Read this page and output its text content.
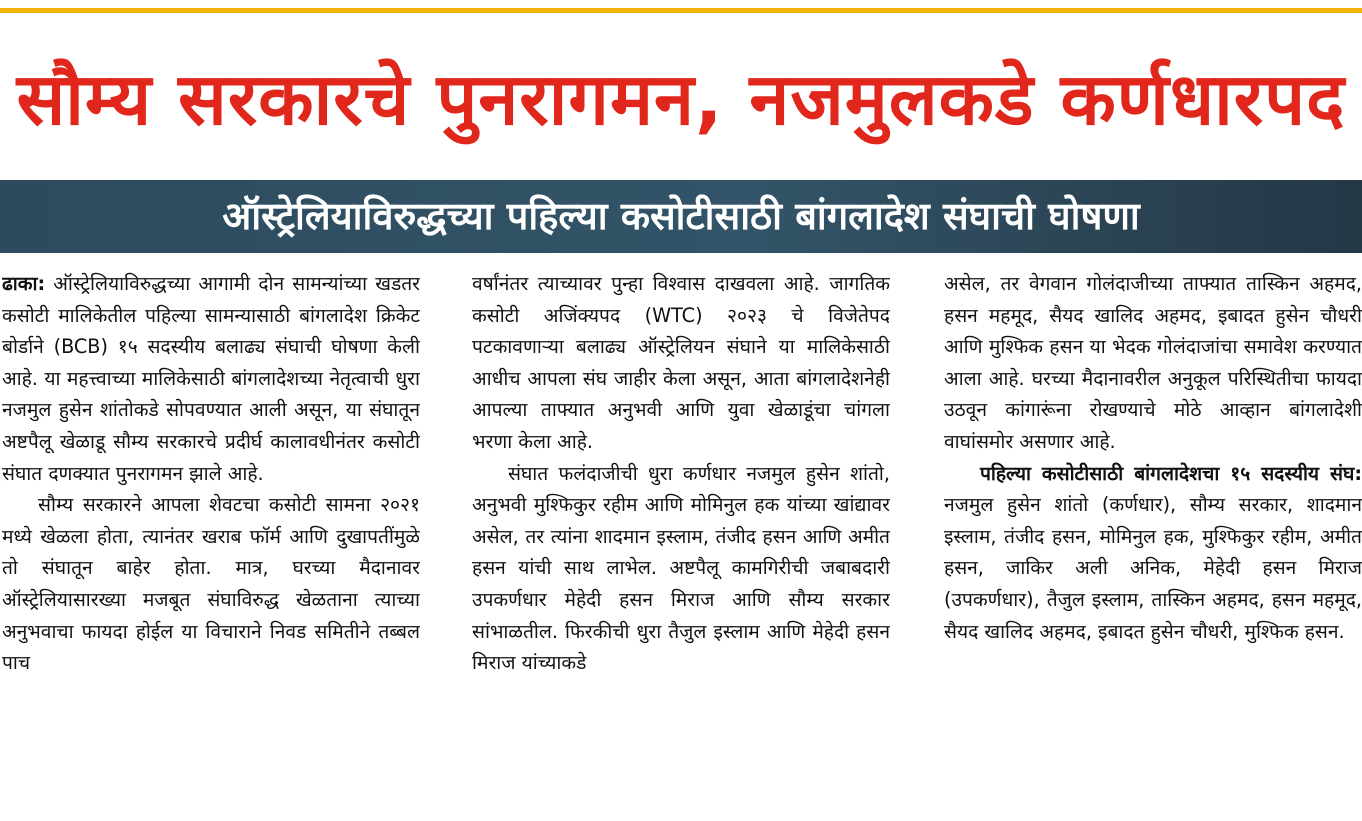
सौम्य सरकारचे पुनरागमन, नजमुलकडे कर्णधारपद
ऑस्ट्रेलियाविरुद्धच्या पहिल्या कसोटीसाठी बांगलादेश संघाची घोषणा

ढाका: ऑस्ट्रेलियाविरुद्धच्या आगामी दोन सामन्यांच्या खडतर कसोटी मालिकेतील पहिल्या सामन्यासाठी बांगलादेश क्रिकेट बोर्डाने (BCB) १५ सदस्यीय बलाढ्य संघाची घोषणा केली आहे. या महत्त्वाच्या मालिकेसाठी बांगलादेशच्या नेतृत्वाची धुरा नजमुल हुसेन शांतोकडे सोपवण्यात आली असून, या संघातून अष्टपैलू खेळाडू सौम्य सरकारचे प्रदीर्घ कालावधीनंतर कसोटी संघात दणक्यात पुनरागमन झाले आहे.

सौम्य सरकारने आपला शेवटचा कसोटी सामना २०२१ मध्ये खेळला होता, त्यानंतर खराब फॉर्म आणि दुखापतींमुळे तो संघातून बाहेर होता. मात्र, घरच्या मैदानावर ऑस्ट्रेलियासारख्या मजबूत संघाविरुद्ध खेळताना त्याच्या अनुभवाचा फायदा होईल या विचाराने निवड समितीने तब्बल पाच

वर्षांनंतर त्याच्यावर पुन्हा विश्वास दाखवला आहे. जागतिक कसोटी अजिंक्यपद (WTC) २०२३ चे विजेतेपद पटकावणाऱ्या बलाढ्य ऑस्ट्रेलियन संघाने या मालिकेसाठी आधीच आपला संघ जाहीर केला असून, आता बांगलादेशनेही आपल्या ताफ्यात अनुभवी आणि युवा खेळाडूंचा चांगला भरणा केला आहे.

संघात फलंदाजीची धुरा कर्णधार नजमुल हुसेन शांतो, अनुभवी मुश्फिकुर रहीम आणि मोमिनुल हक यांच्या खांद्यावर असेल, तर त्यांना शादमान इस्लाम, तंजीद हसन आणि अमीत हसन यांची साथ लाभेल. अष्टपैलू कामगिरीची जबाबदारी उपकर्णधार मेहेदी हसन मिराज आणि सौम्य सरकार सांभाळतील. फिरकीची धुरा तैजुल इस्लाम आणि मेहेदी हसन मिराज यांच्याकडे

असेल, तर वेगवान गोलंदाजीच्या ताफ्यात तास्किन अहमद, हसन महमूद, सैयद खालिद अहमद, इबादत हुसेन चौधरी आणि मुश्फिक हसन या भेदक गोलंदाजांचा समावेश करण्यात आला आहे. घरच्या मैदानावरील अनुकूल परिस्थितीचा फायदा उठवून कांगारूंना रोखण्याचे मोठे आव्हान बांगलादेशी वाघांसमोर असणार आहे.

पहिल्या कसोटीसाठी बांगलादेशचा १५ सदस्यीय संघ: नजमुल हुसेन शांतो (कर्णधार), सौम्य सरकार, शादमान इस्लाम, तंजीद हसन, मोमिनुल हक, मुश्फिकुर रहीम, अमीत हसन, जाकिर अली अनिक, मेहेदी हसन मिराज (उपकर्णधार), तैजुल इस्लाम, तास्किन अहमद, हसन महमूद, सैयद खालिद अहमद, इबादत हुसेन चौधरी, मुश्फिक हसन.
